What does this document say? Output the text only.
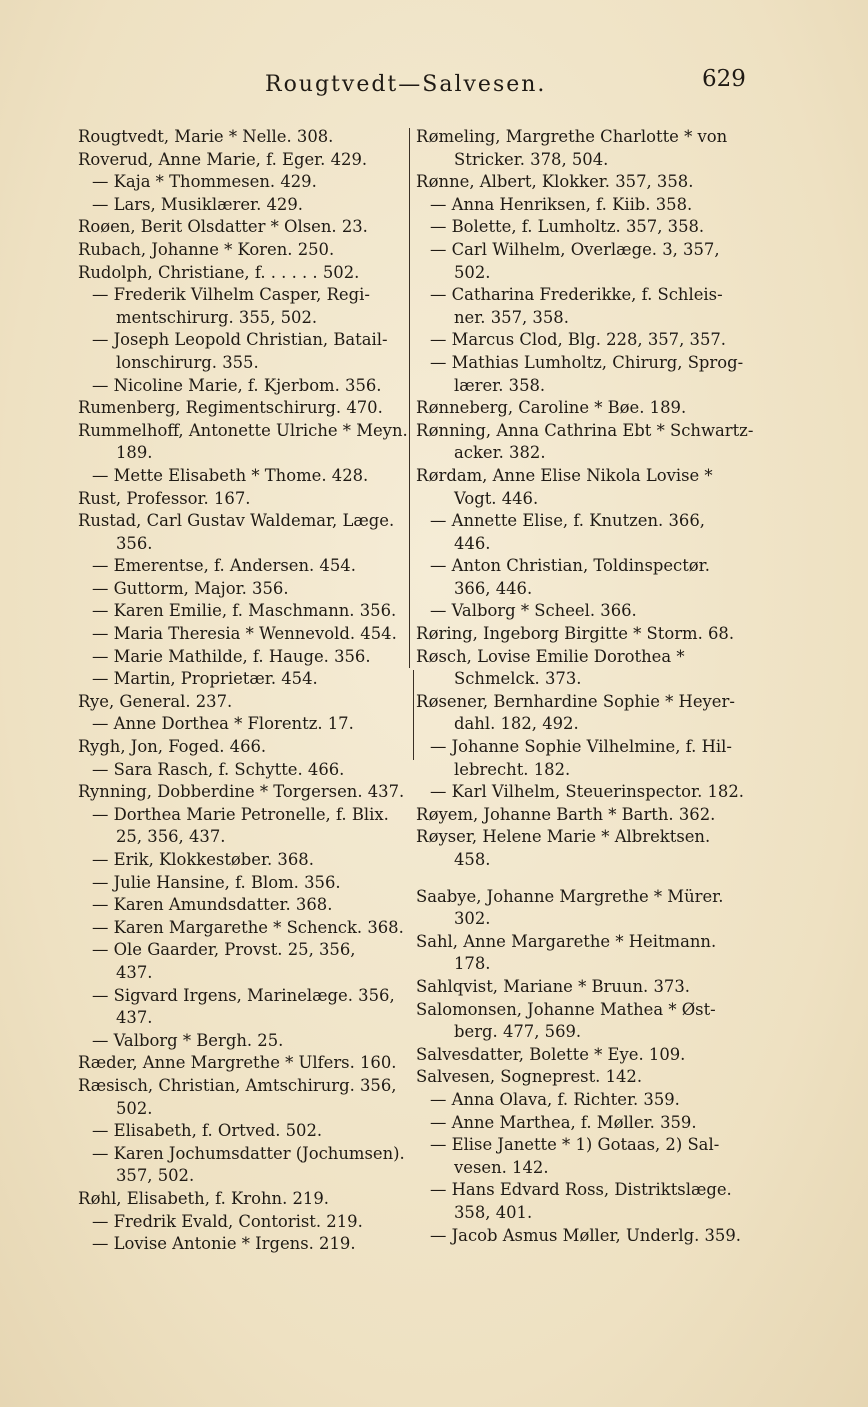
Rougtvedt—Salvesen.	629
Rougtvedt, Marie * Nelle. 308.
Roverud, Anne Marie, f. Eger. 429.
— Kaja * Thommesen. 429.
— Lars, Musiklærer. 429.
Roøen, Berit Olsdatter * Olsen. 23.
Rubach, Johanne * Koren. 250.
Rudolph, Christiane, f. . . . . . 502.
— Frederik Vilhelm Casper, Regi-
mentschirurg. 355, 502.
— Joseph Leopold Christian, Batail-
lonschirurg. 355.
— Nicoline Marie, f. Kjerbom. 356.
Rumenberg, Regimentschirurg. 470.
Rummelhoff, Antonette Ulriche * Meyn.
189.
— Mette Elisabeth * Thome. 428.
Rust, Professor. 167.
Rustad, Carl Gustav Waldemar, Læge.
356.
— Emerentse, f. Andersen. 454.
— Guttorm, Major. 356.
— Karen Emilie, f. Maschmann. 356.
— Maria Theresia * Wennevold. 454.
— Marie Mathilde, f. Hauge. 356.
— Martin, Proprietær. 454.
Rye, General. 237.
— Anne Dorthea * Florentz. 17.
Rygh, Jon, Foged. 466.
— Sara Rasch, f. Schytte. 466.
Rynning, Dobberdine * Torgersen. 437.
— Dorthea Marie Petronelle, f. Blix.
25, 356, 437.
— Erik, Klokkestøber. 368.
— Julie Hansine, f. Blom. 356.
— Karen Amundsdatter. 368.
— Karen Margarethe * Schenck. 368.
— Ole Gaarder, Provst. 25, 356,
437.
— Sigvard Irgens, Marinelæge. 356,
437.
— Valborg * Bergh. 25.
Ræder, Anne Margrethe * Ulfers. 160.
Ræsisch, Christian, Amtschirurg. 356,
502.
— Elisabeth, f. Ortved. 502.
— Karen Jochumsdatter (Jochumsen).
357, 502.
Røhl, Elisabeth, f. Krohn. 219.
— Fredrik Evald, Contorist. 219.
— Lovise Antonie * Irgens. 219.
Rømeling, Margrethe Charlotte * von
Stricker. 378, 504.
Rønne, Albert, Klokker. 357, 358.
— Anna Henriksen, f. Kiib. 358.
— Bolette, f. Lumholtz. 357, 358.
— Carl Wilhelm, Overlæge. 3, 357,
502.
— Catharina Frederikke, f. Schleis-
ner. 357, 358.
— Marcus Clod, Blg. 228, 357, 357.
— Mathias Lumholtz, Chirurg, Sprog-
lærer. 358.
Rønneberg, Caroline * Bøe. 189.
Rønning, Anna Cathrina Ebt * Schwartz-
acker. 382.
Rørdam, Anne Elise Nikola Lovise *
Vogt. 446.
— Annette Elise, f. Knutzen. 366,
446.
— Anton Christian, Toldinspectør.
366, 446.
— Valborg * Scheel. 366.
Røring, Ingeborg Birgitte * Storm. 68.
Røsch, Lovise Emilie Dorothea *
Schmelck. 373.
Røsener, Bernhardine Sophie * Heyer-
dahl. 182, 492.
— Johanne Sophie Vilhelmine, f. Hil-
lebrecht. 182.
— Karl Vilhelm, Steuerinspector. 182.
Røyem, Johanne Barth * Barth. 362.
Røyser, Helene Marie * Albrektsen.
458.
Saabye, Johanne Margrethe * Mürer.
302.
Sahl, Anne Margarethe * Heitmann.
178.
Sahlqvist, Mariane * Bruun. 373.
Salomonsen, Johanne Mathea * Øst-
berg. 477, 569.
Salvesdatter, Bolette * Eye. 109.
Salvesen, Sogneprest. 142.
— Anna Olava, f. Richter. 359.
— Anne Marthea, f. Møller. 359.
— Elise Janette * 1) Gotaas, 2) Sal-
vesen. 142.
— Hans Edvard Ross, Distriktslæge.
358, 401.
— Jacob Asmus Møller, Underlg. 359.
